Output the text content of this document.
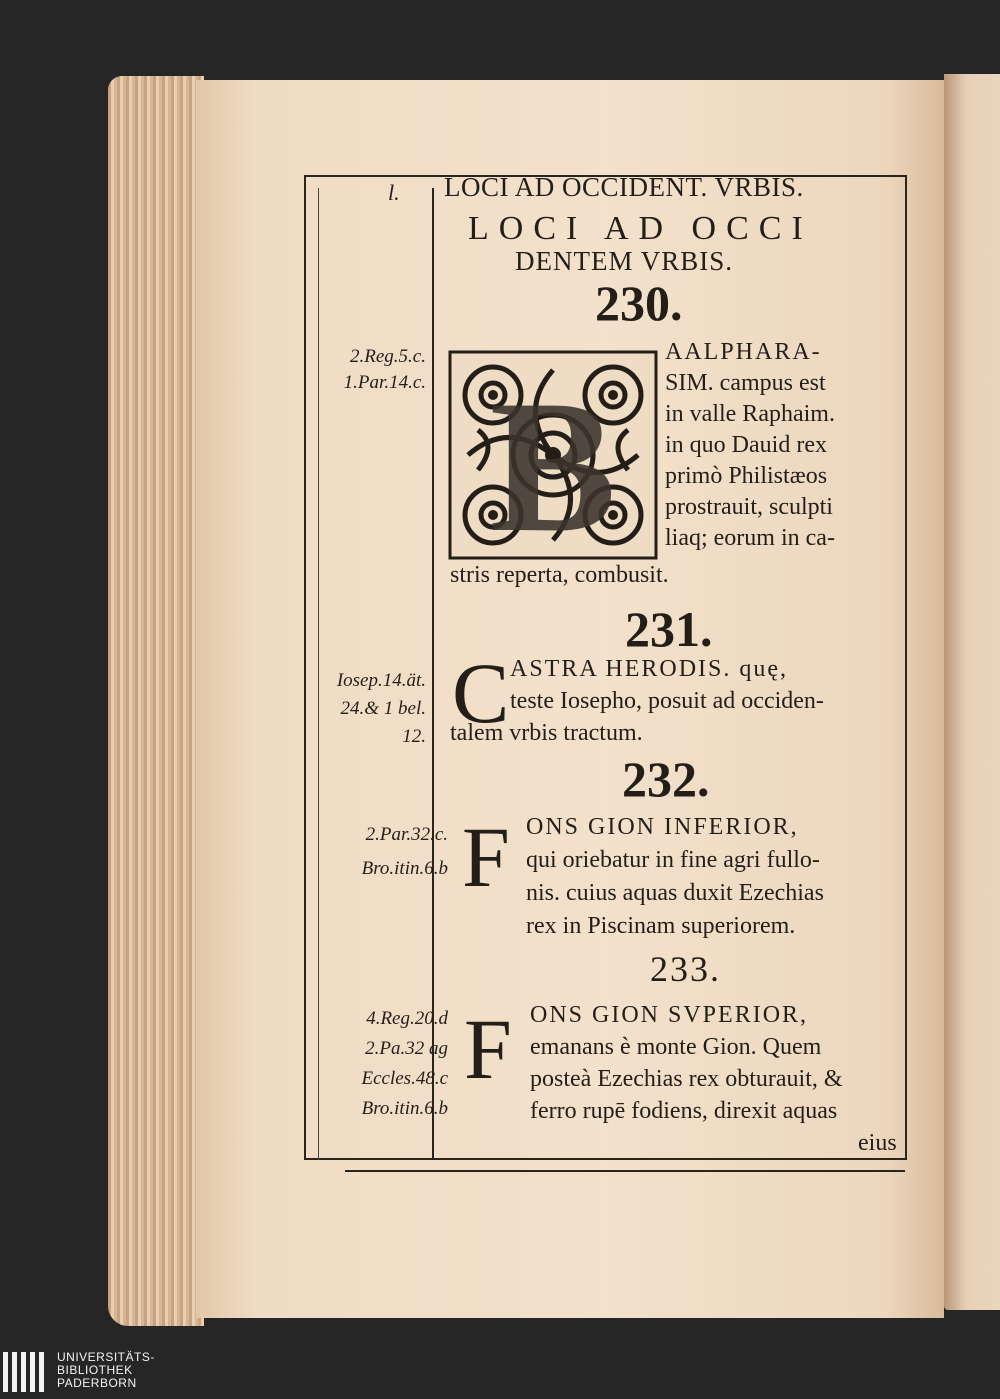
l. LOCI AD OCCIDENT. VRBIS.
LOCI AD OCCI
DENTEM VRBIS.
230.
B
AALPHARA-
SIM. campus est
in valle Raphaim.
in quo Dauid rex
primò Philistæos
prostrauit, sculpti
liaq; eorum in ca-
stris reperta, combusit.
2.Reg.5.c.
1.Par.14.c.
231.
C ASTRA HERODIS. quę,
teste Iosepho, posuit ad occiden-
talem vrbis tractum.
Iosep.14.ät.
24.& 1 bel.
12.
232.
F ONS GION INFERIOR,
qui oriebatur in fine agri fullo-
nis. cuius aquas duxit Ezechias
rex in Piscinam superiorem.
2.Par.32.c.
Bro.itin.6.b
233.
F ONS GION SVPERIOR,
emanans è monte Gion. Quem
posteà Ezechias rex obturauit, &
ferro rupē fodiens, direxit aquas
eius
4.Reg.20.d
2.Pa.32 ag
Eccles.48.c
Bro.itin.6.b
UNIVERSITÄTS-
BIBLIOTHEK
PADERBORN
